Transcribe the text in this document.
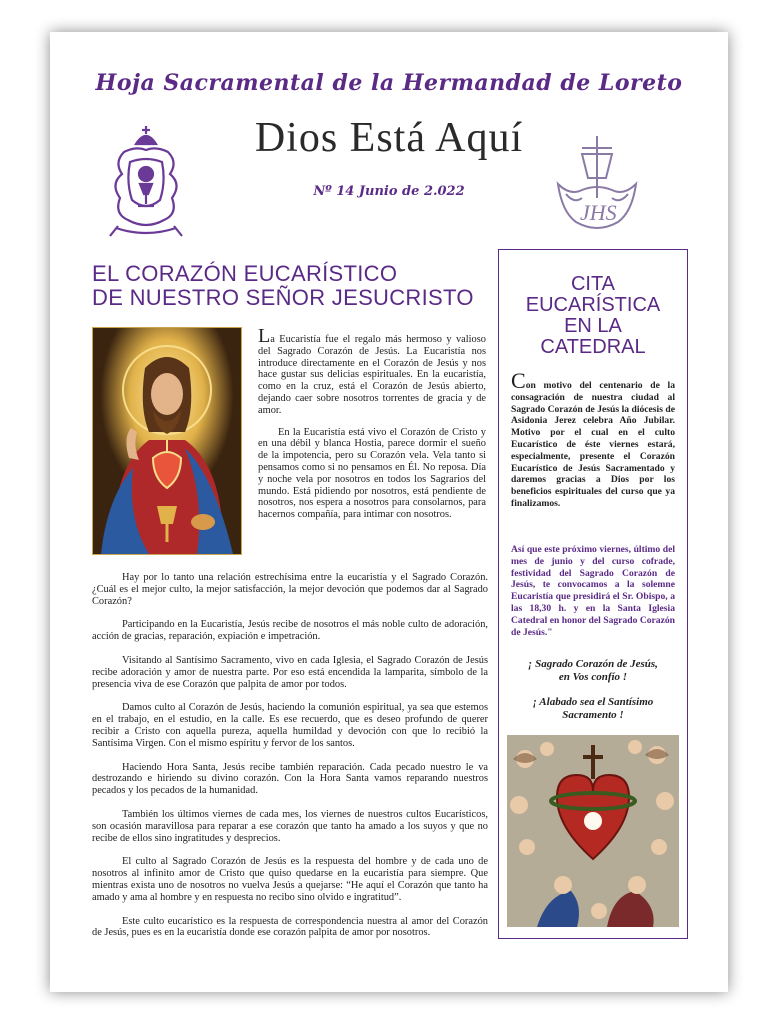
Hoja Sacramental de la Hermandad de Loreto
Dios Está Aquí
Nº 14 Junio de 2.022
JHS
EL CORAZÓN EUCARÍSTICO
DE NUESTRO SEÑOR JESUCRISTO

La Eucaristía fue el regalo más hermoso y valioso del Sagrado Corazón de Jesús. La Eucaristía nos introduce directamente en el Corazón de Jesús y nos hace gustar sus delicias espirituales. En la eucaristía, como en la cruz, está el Corazón de Jesús abierto, dejando caer sobre nosotros torrentes de gracia y de amor.

En la Eucaristía está vivo el Corazón de Cristo y en una débil y blanca Hostia, parece dormir el sueño de la impotencia, pero su Corazón vela. Vela tanto si pensamos como si no pensamos en Él. No reposa. Día y noche vela por nosotros en todos los Sagrarios del mundo. Está pidiendo por nosotros, está pendiente de nosotros, nos espera a nosotros para consolarnos, para hacernos compañía, para intimar con nosotros.

Hay por lo tanto una relación estrechísima entre la eucaristía y el Sagrado Corazón. ¿Cuál es el mejor culto, la mejor satisfacción, la mejor devoción que podemos dar al Sagrado Corazón?

Participando en la Eucaristía, Jesús recibe de nosotros el más noble culto de adoración, acción de gracias, reparación, expiación e impetración.

Visitando al Santísimo Sacramento, vivo en cada Iglesia, el Sagrado Corazón de Jesús recibe adoración y amor de nuestra parte. Por eso está encendida la lamparita, símbolo de la presencia viva de ese Corazón que palpita de amor por todos.

Damos culto al Corazón de Jesús, haciendo la comunión espiritual, ya sea que estemos en el trabajo, en el estudio, en la calle. Es ese recuerdo, que es deseo profundo de querer recibir a Cristo con aquella pureza, aquella humildad y devoción con que lo recibió la Santísima Virgen. Con el mismo espíritu y fervor de los santos.

Haciendo Hora Santa, Jesús recibe también reparación. Cada pecado nuestro le va destrozando e hiriendo su divino corazón. Con la Hora Santa vamos reparando nuestros pecados y los pecados de la humanidad.

También los últimos viernes de cada mes, los viernes de nuestros cultos Eucarísticos, son ocasión maravillosa para reparar a ese corazón que tanto ha amado a los suyos y que no recibe de ellos sino ingratitudes y desprecios.

El culto al Sagrado Corazón de Jesús es la respuesta del hombre y de cada uno de nosotros al infinito amor de Cristo que quiso quedarse en la eucaristía para siempre. Que mientras exista uno de nosotros no vuelva Jesús a quejarse: “He aquí el Corazón que tanto ha amado y ama al hombre y en respuesta no recibo sino olvido e ingratitud”.

Este culto eucarístico es la respuesta de correspondencia nuestra al amor del Corazón de Jesús, pues es en la eucaristía donde ese corazón palpita de amor por nosotros.

CITA
EUCARÍSTICA
EN LA
CATEDRAL
Con motivo del centenario de la consagración de nuestra ciudad al Sagrado Corazón de Jesús la diócesis de Asidonia Jerez celebra Año Jubilar. Motivo por el cual en el culto Eucarístico de éste viernes estará, especialmente, presente el Corazón Eucarístico de Jesús Sacramentado y daremos gracias a Dios por los beneficios espirituales del curso que ya finalizamos.
Así que este próximo viernes, último del mes de junio y del curso cofrade, festividad del Sagrado Corazón de Jesús, te convocamos a la solemne Eucaristía que presidirá el Sr. Obispo, a las 18,30 h. y en la Santa Iglesia Catedral en honor del Sagrado Corazón de Jesús."
¡ Sagrado Corazón de Jesús,
en Vos confío !
¡ Alabado sea el Santísimo
Sacramento !
